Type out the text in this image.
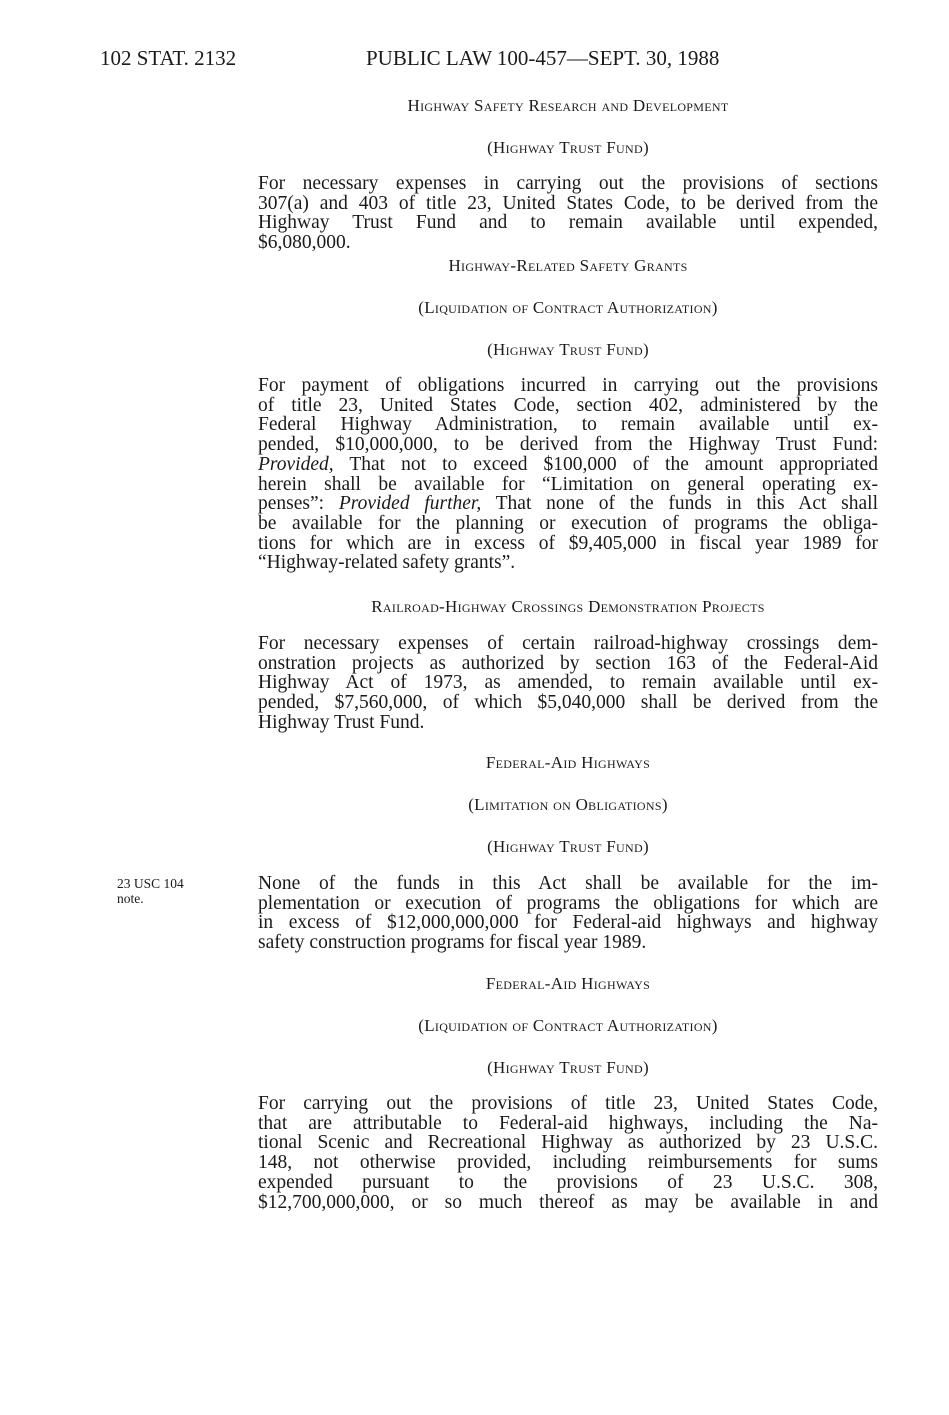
102 STAT. 2132	PUBLIC LAW 100-457—SEPT. 30, 1988
23 USC 104
note.
Highway Safety Research and Development
(Highway Trust Fund)
For necessary expenses in carrying out the provisions of sections
307(a) and 403 of title 23, United States Code, to be derived from the
Highway Trust Fund and to remain available until expended,
$6,080,000.
Highway-Related Safety Grants
(Liquidation of Contract Authorization)
(Highway Trust Fund)
For payment of obligations incurred in carrying out the provisions
of title 23, United States Code, section 402, administered by the
Federal Highway Administration, to remain available until ex-
pended, $10,000,000, to be derived from the Highway Trust Fund:
Provided, That not to exceed $100,000 of the amount appropriated
herein shall be available for “Limitation on general operating ex-
penses”: Provided further, That none of the funds in this Act shall
be available for the planning or execution of programs the obliga-
tions for which are in excess of $9,405,000 in fiscal year 1989 for
“Highway-related safety grants”.
Railroad-Highway Crossings Demonstration Projects
For necessary expenses of certain railroad-highway crossings dem-
onstration projects as authorized by section 163 of the Federal-Aid
Highway Act of 1973, as amended, to remain available until ex-
pended, $7,560,000, of which $5,040,000 shall be derived from the
Highway Trust Fund.
Federal-Aid Highways
(Limitation on Obligations)
(Highway Trust Fund)
None of the funds in this Act shall be available for the im-
plementation or execution of programs the obligations for which are
in excess of $12,000,000,000 for Federal-aid highways and highway
safety construction programs for fiscal year 1989.
Federal-Aid Highways
(Liquidation of Contract Authorization)
(Highway Trust Fund)
For carrying out the provisions of title 23, United States Code,
that are attributable to Federal-aid highways, including the Na-
tional Scenic and Recreational Highway as authorized by 23 U.S.C.
148, not otherwise provided, including reimbursements for sums
expended pursuant to the provisions of 23 U.S.C. 308,
$12,700,000,000, or so much thereof as may be available in and
